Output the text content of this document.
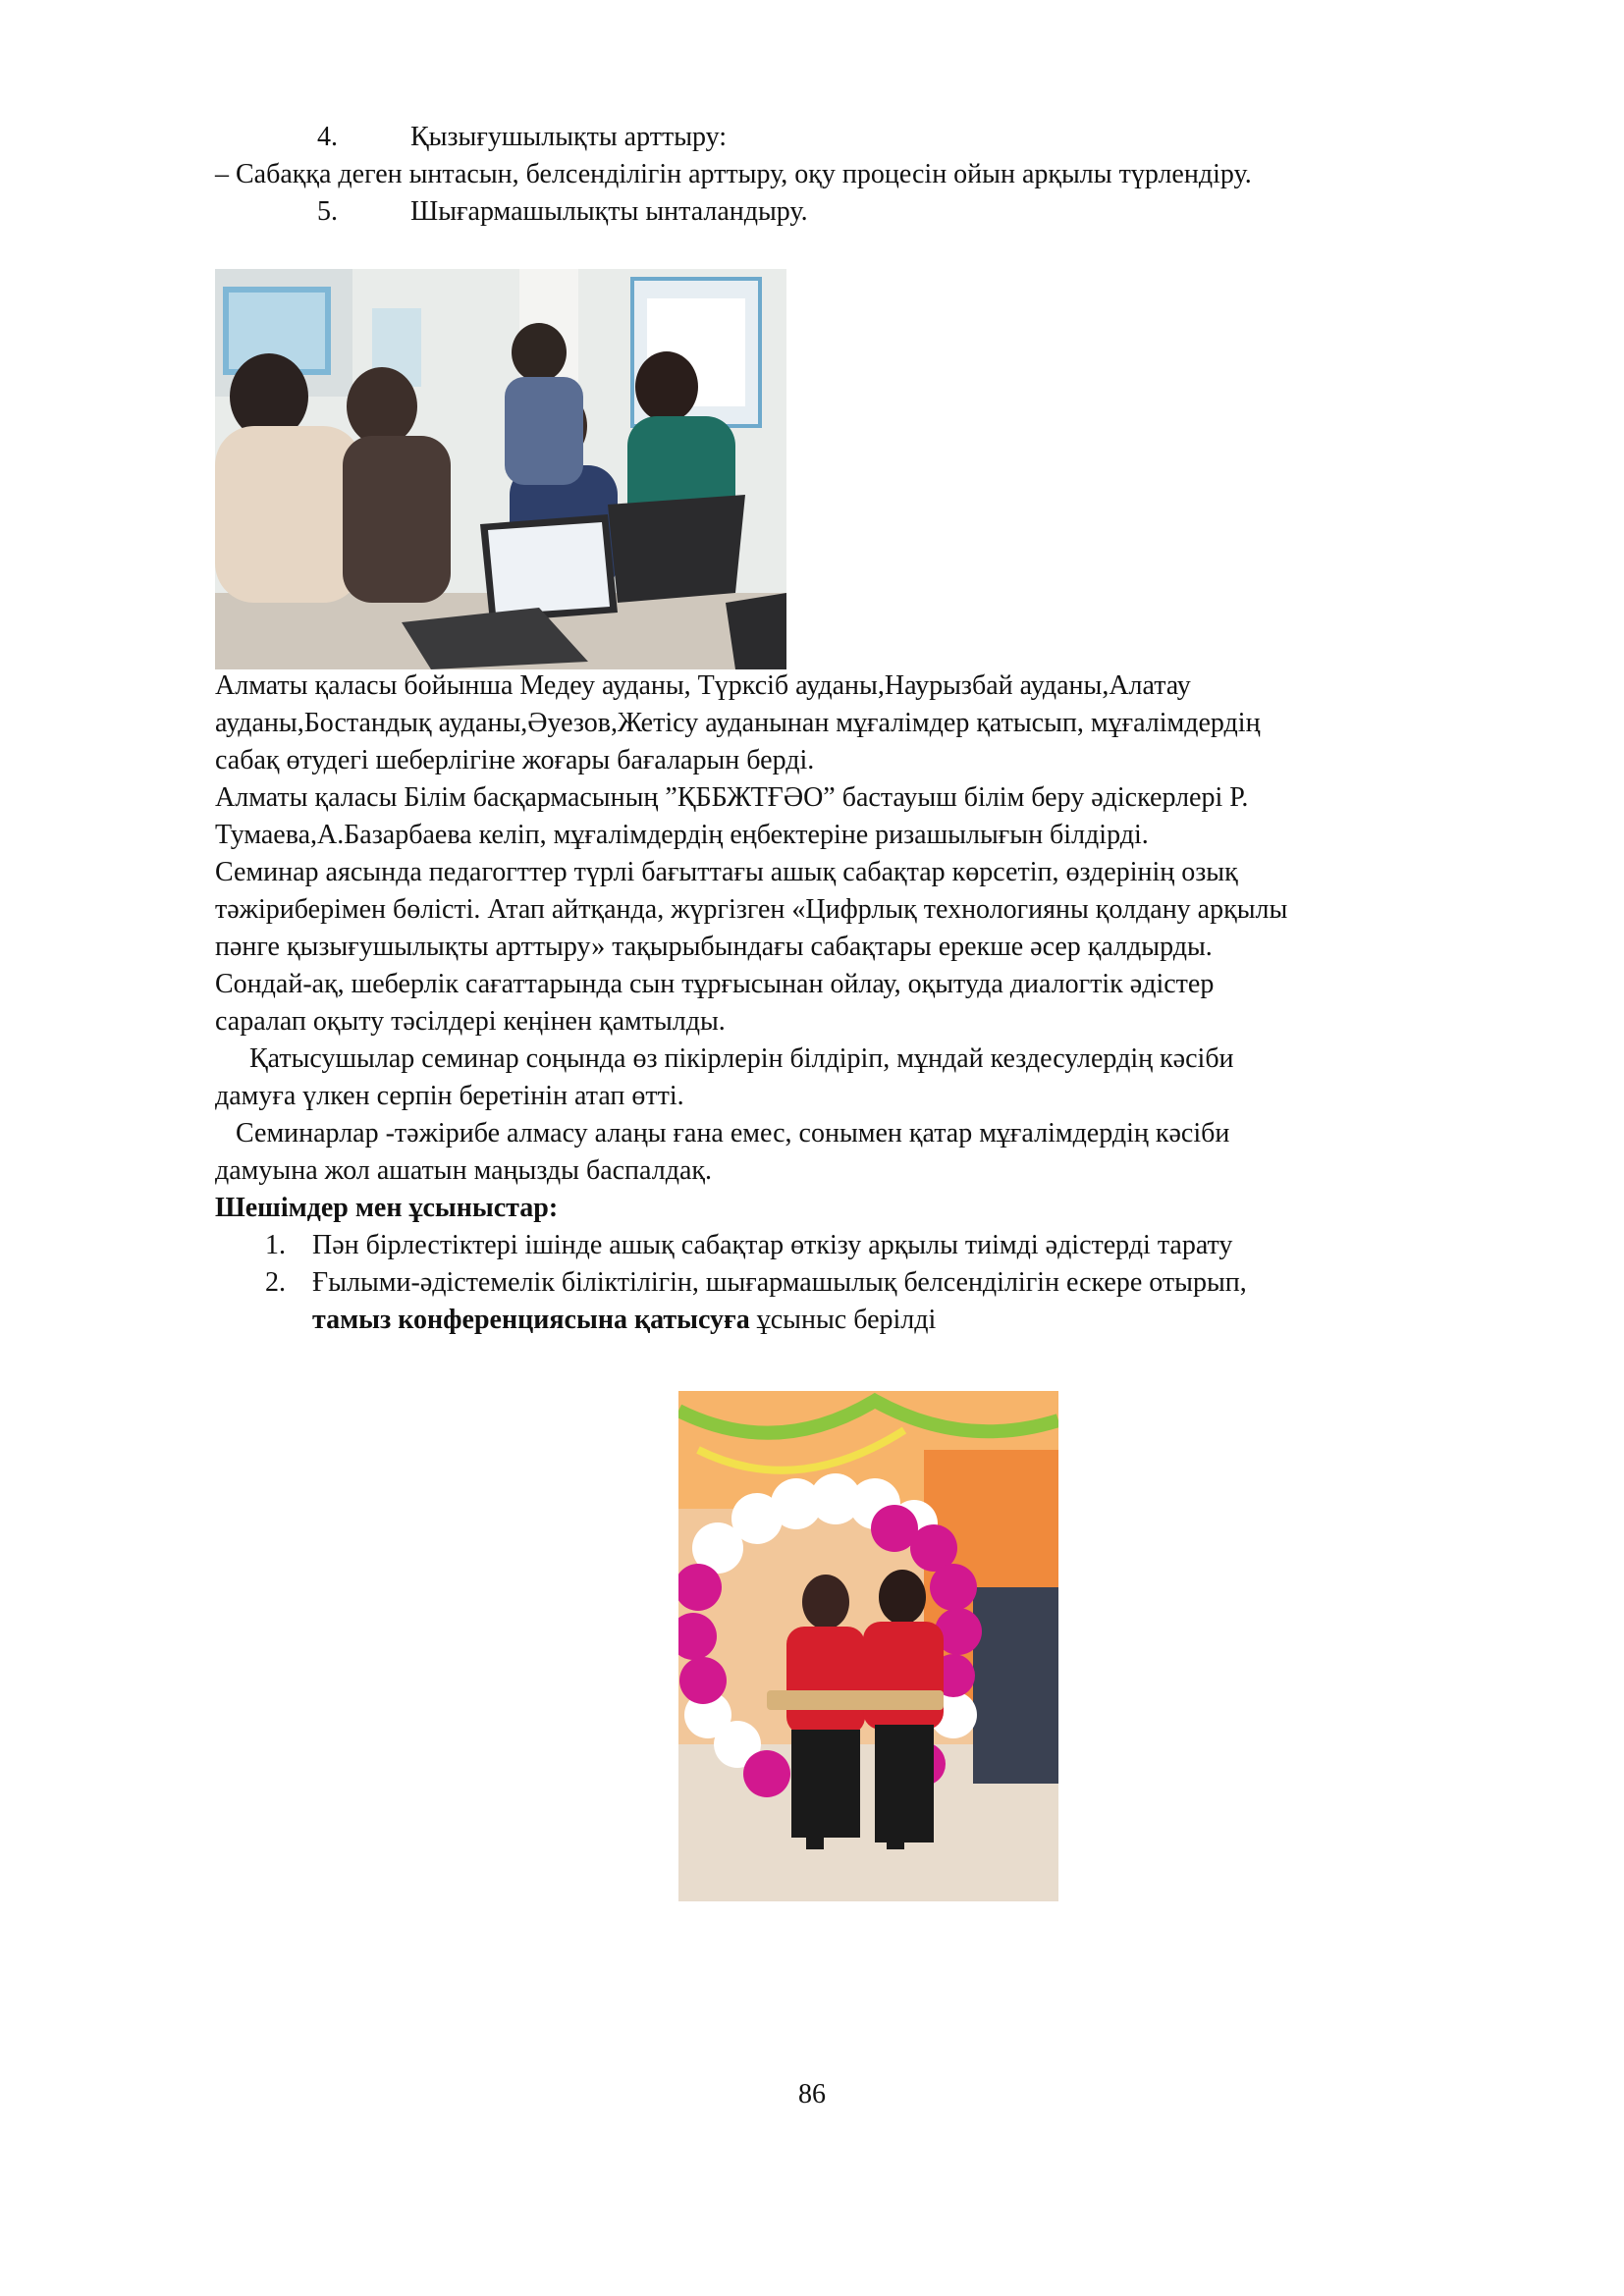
4.	Қызығушылықты арттыру:
– Сабаққа деген ынтасын, белсенділігін арттыру, оқу процесін ойын арқылы түрлендіру.
5.	Шығармашылықты ынталандыру.
Алматы қаласы бойынша Медеу ауданы, Түрксіб ауданы,Наурызбай ауданы,Алатау
ауданы,Бостандық ауданы,Әуезов,Жетісу ауданынан мұғалімдер қатысып, мұғалімдердің
сабақ өтудегі шеберлігіне жоғары бағаларын берді.
Алматы қаласы Білім басқармасының ”ҚББЖТҒӘО” бастауыш білім беру әдіскерлері Р.
Тумаева,А.Базарбаева келіп, мұғалімдердің еңбектеріне ризашылығын білдірді.
Семинар аясында педагогттер түрлі бағыттағы ашық сабақтар көрсетіп, өздерінің озық
тәжіриберімен бөлісті. Атап айтқанда, жүргізген «Цифрлық технологияны қолдану арқылы
пәнге қызығушылықты арттыру» тақырыбындағы сабақтары ерекше әсер қалдырды.
Сондай-ақ, шеберлік сағаттарында сын тұрғысынан ойлау, оқытуда диалогтік әдістер
саралап оқыту тәсілдері кеңінен қамтылды.
Қатысушылар семинар соңында өз пікірлерін білдіріп, мұндай кездесулердің кәсіби
дамуға үлкен серпін беретінін атап өтті.
Семинарлар -тәжірибе алмасу алаңы ғана емес, сонымен қатар мұғалімдердің кәсіби
дамуына жол ашатын маңызды баспалдақ.
Шешімдер мен ұсыныстар:
1. Пән бірлестіктері ішінде ашық сабақтар өткізу арқылы тиімді әдістерді тарату
2. Ғылыми-әдістемелік біліктілігін, шығармашылық белсенділігін ескере отырып,
тамыз конференциясына қатысуға ұсыныс берілді
86
